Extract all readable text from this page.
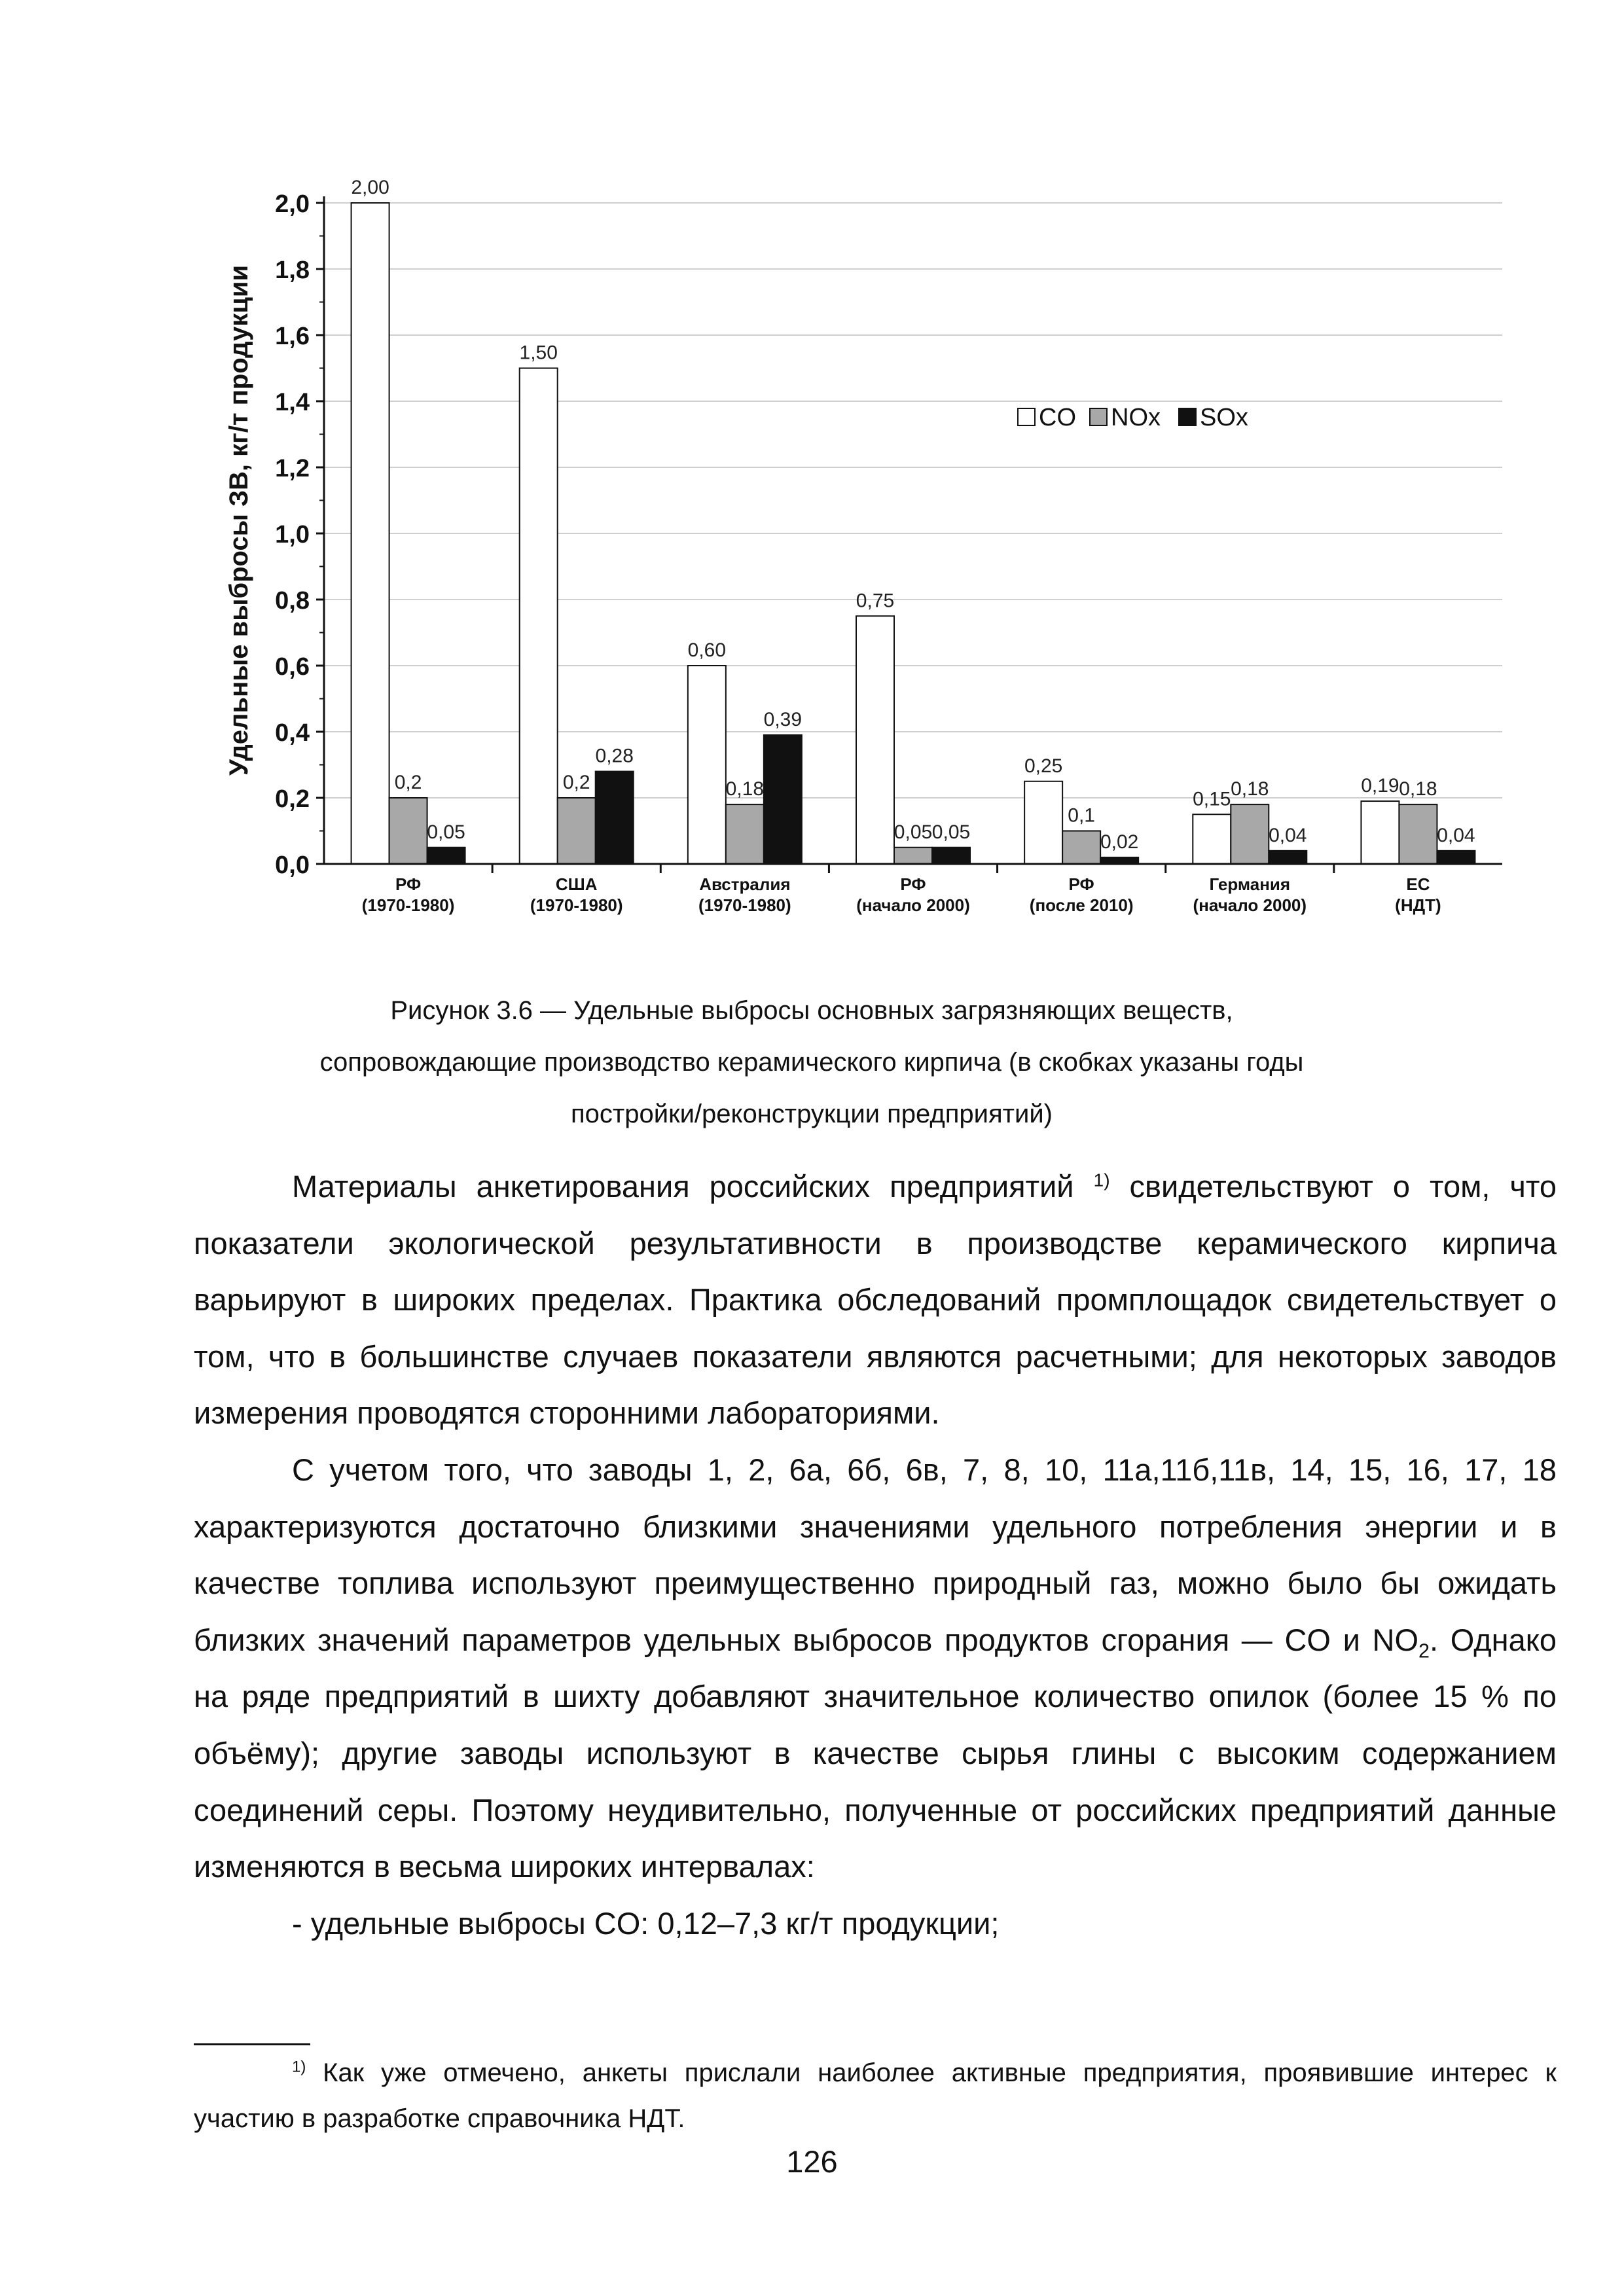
0,0
0,2
0,4
0,6
0,8
1,0
1,2
1,4
1,6
1,8
2,0
2,00
0,2
0,05
1,50
0,2
0,28
0,60
0,18
0,39
0,75
0,05 0,05
0,25
0,1
0,02
0,15 0,18
0,04
0,19 0,18
0,04
РФ
(1970-1980)
США
(1970-1980)
Австралия
(1970-1980)
РФ
(начало 2000)
РФ
(после 2010)
Германия
(начало 2000)
ЕС
(НДТ)
Удельные выбросы ЗВ, кг/т продукции	CO NOx SOx
Рисунок 3.6 — Удельные выбросы основных загрязняющих веществ,
сопровождающие производство керамического кирпича (в скобках указаны годы
постройки/реконструкции предприятий)

Материалы анкетирования российских предприятий $^{1)}$ свидетельствуют о том, что показатели экологической результативности в производстве керамического кирпича варьируют в широких пределах. Практика обследований промплощадок свидетельствует о том, что в большинстве случаев показатели являются расчетными; для некоторых заводов измерения проводятся сторонними лабораториями.

С учетом того, что заводы 1, 2, 6а, 6б, 6в, 7, 8, 10, 11а,11б,11в, 14, 15, 16, 17, 18 характеризуются достаточно близкими значениями удельного потребления энергии и в качестве топлива используют преимущественно природный газ, можно было бы ожидать близких значений параметров удельных выбросов продуктов сгорания — CO и $NO_2$. Однако на ряде предприятий в шихту добавляют значительное количество опилок (более 15 % по объёму); другие заводы используют в качестве сырья глины с высоким содержанием соединений серы. Поэтому неудивительно, полученные от российских предприятий данные изменяются в весьма широких интервалах:

- удельные выбросы CO: 0,12–7,3 кг/т продукции;

$^{1)}$ Как уже отмечено, анкеты прислали наиболее активные предприятия, проявившие интерес к участию в разработке справочника НДТ.

126
